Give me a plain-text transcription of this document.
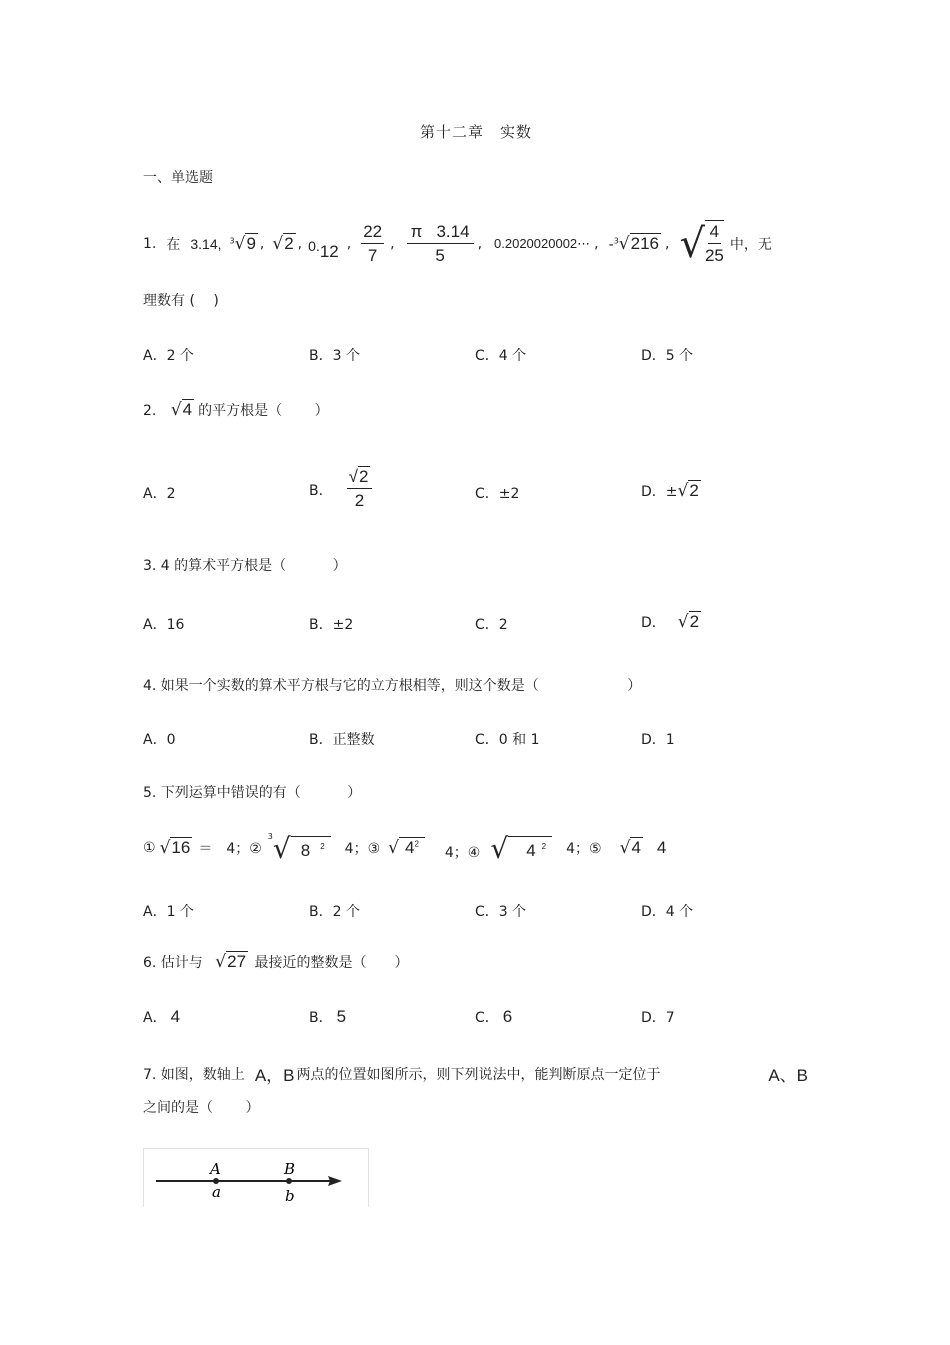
第十二章　实数
一、单选题
1. 在 3.14, $^3$√9 , √2 , 0. 12 , $\frac{22}{7}$ , $\frac{\pi 3.14}{5}$ , 0.2020020002⋯ , -$^3$√216 , √ $\frac{4}{25}$ 中，无
理数有 (　 )
A．2 个	B．3 个	C．4 个	D．5 个
2. √4 的平方根是（　　 ）
A．2	B． $\frac{√2}{2}$	C．±2	D．±√2
3. 4 的算术平方根是（　　　 ）
A．16	B．±2	C．2	D． √2
4. 如果一个实数的算术平方根与它的立方根相等，则这个数是（　　　　　　 ）
A．0	B．正整数	C．0 和 1	D．1
5. 下列运算中错误的有（　　　 ）
① √16 ＝　4；②
3 √ 8 $^2$	4；③ √ $4^2$
4；④ √	4 $^2$	4；⑤ √4 4
A．1 个	B．2 个	C．3 个	D．4 个
6. 估计与 √27 最接近的整数是（　　）
A． 4	B． 5	C． 6	D．7
7. 如图，数轴上 A，B 两点的位置如图所示，则下列说法中，能判断原点一定位于	A、B
之间的是（　　 ）
A
a
B
b
